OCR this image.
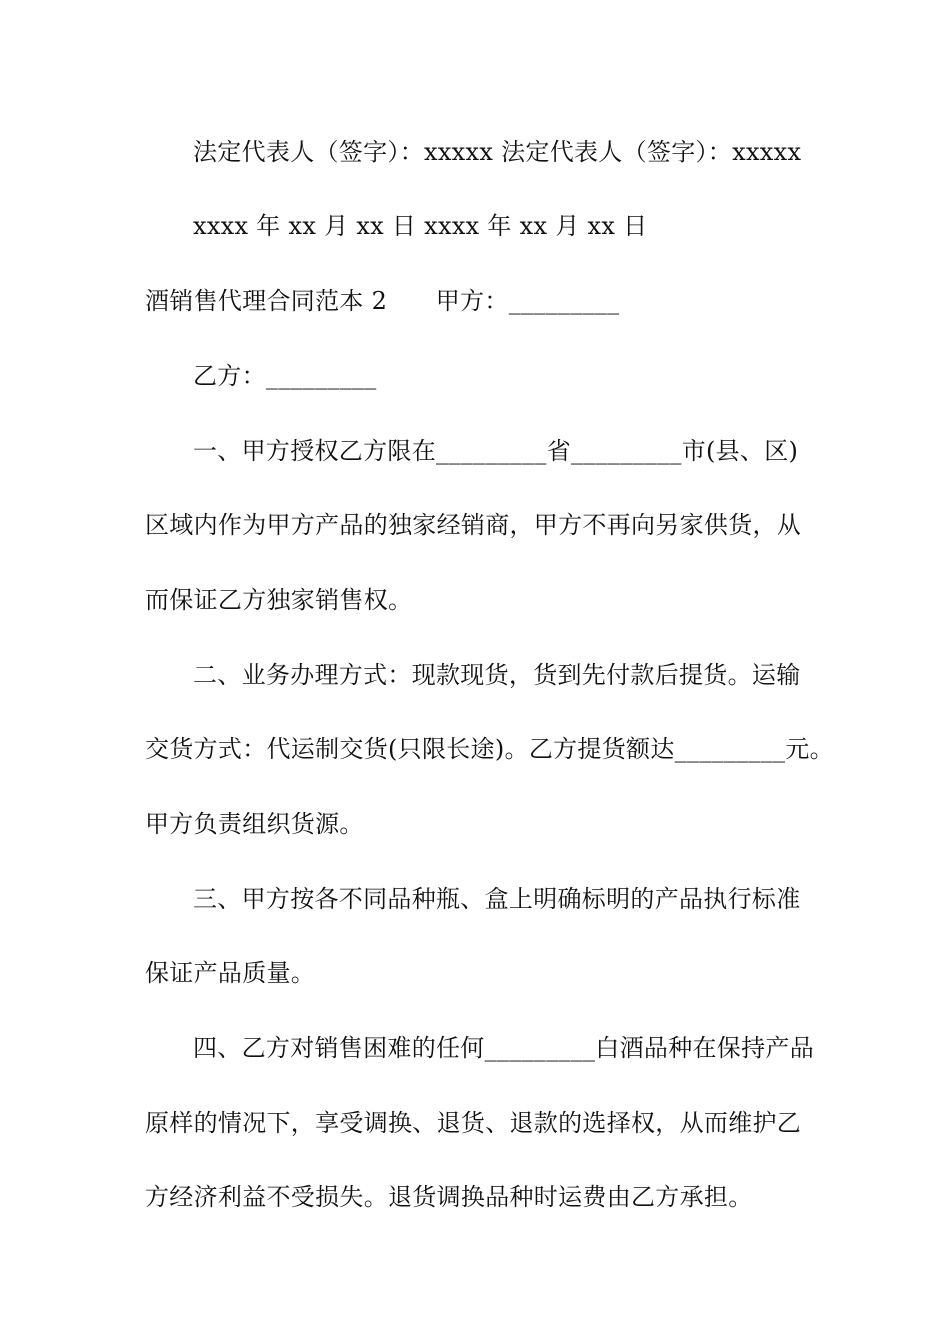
法定代表人（签字）：xxxxx 法定代表人（签字）：xxxxx
xxxx 年 xx 月 xx 日 xxxx 年 xx 月 xx 日
酒销售代理合同范本 2　　甲方：_________
乙方：_________
一、甲方授权乙方限在_________省_________市(县、区)
区域内作为甲方产品的独家经销商，甲方不再向另家供货，从
而保证乙方独家销售权。
二、业务办理方式：现款现货，货到先付款后提货。运输
交货方式：代运制交货(只限长途)。乙方提货额达_________元。
甲方负责组织货源。
三、甲方按各不同品种瓶、盒上明确标明的产品执行标准
保证产品质量。
四、乙方对销售困难的任何_________白酒品种在保持产品
原样的情况下，享受调换、退货、退款的选择权，从而维护乙
方经济利益不受损失。退货调换品种时运费由乙方承担。
